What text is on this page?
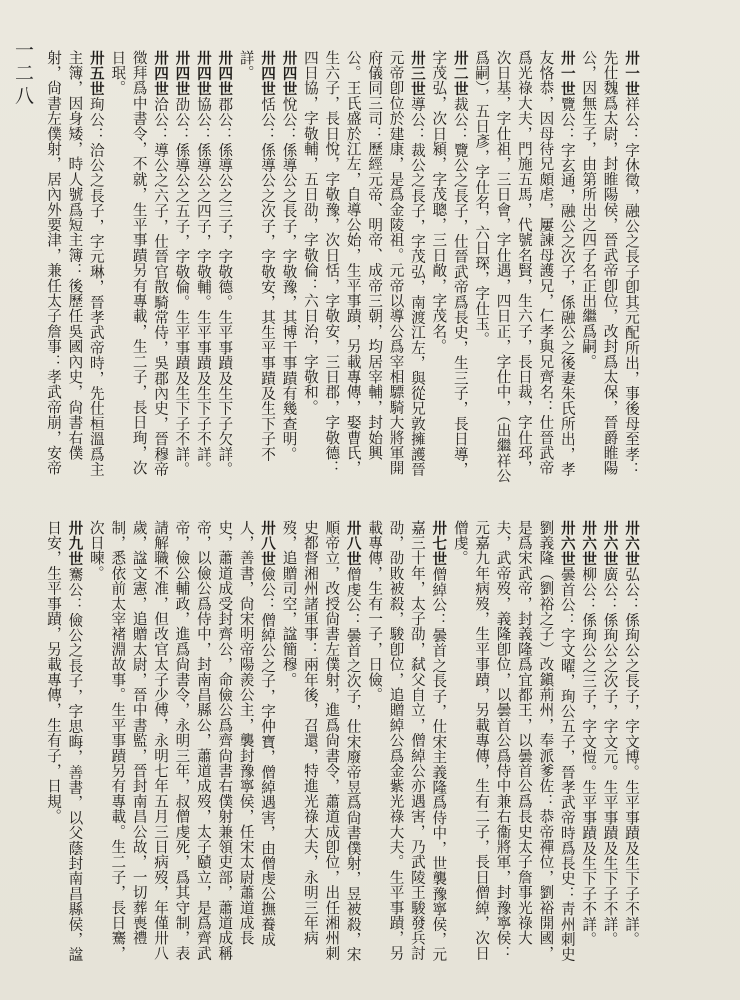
一二八	卅一世祥公：字休徵，融公之長子卽其元配所出，事後母至孝：先仕魏爲太尉，封睢陽侯，晉武帝卽位，改封爲太保，晉爵睢陽公，因無生子，由第所出之四子名正出繼爲嗣。

卅一世覽公：字玄通，融公之次子，係融公之後妻朱氏所出，孝友恪恭，因母待兄頗虐，屢諫母護兄，仁孝與兄齊名：仕晉武帝爲光祿大夫，門施五馬，代號名賢，生六子，長日裁，字仕邳，次日基，字仕祖，三日會，字仕遇，四日正，字仕中，（出繼祥公爲嗣），五日彥，字仕名，六日琛，字仕玉。

卅二世裁公：覽公之長子，仕晉武帝爲長史，生三子，長日導，字茂弘，次日潁，字茂聰，三日敞，字茂名。

卅三世導公：裁公之長子，字茂弘，南渡江左，與從兄敦擁護晉元帝卽位於建康，是爲金陵祖。元帝以導公爲宰相驃騎大將軍開府儀同三司：歷經元帝、明帝、成帝三朝，均居宰輔，封始興公。王氏盛於江左，自導公始，生平事蹟，另載專傳，娶曹氏，生六子，長日悅，字敬豫，次日恬，字敬安，三日郡，字敬德：四日協，字敬輔，五日劭，字敬倫：六日治，字敬和。

卅四世悅公：係導公之長子，字敬豫，其博干事蹟有幾查明。

卅四世恬公：係導公之次子，字敬安，其生平事蹟及生下子不詳。

卅四世郡公：係導公之三子，字敬德。生平事蹟及生下子欠詳。

卅四世協公：係導公之四子，字敬輔。生平事蹟及生下子不詳。

卅四世劭公：係導公之五子，字敬倫。生平事蹟及生下子不詳。

卅四世洽公：導公之六子，仕晉官散騎常侍，吳郡內史，晉穆帝徵拜爲中書令，不就，生平事蹟另有專載，生二子，長日珣，次日珉。

卅五世珣公：洽公之長子，字元琳，晉孝武帝時，先仕桓溫爲主主簿，因身矮，時人號爲短主簿：後歷任吳國內史，尙書右僕射，尙書左僕射，居內外要津，兼任太子詹事：孝武帝崩，安帝

卅六世弘公：係珣公之長子，字文博。生平事蹟及生下子不詳。

卅六世廣公：係珣公之次子，字文元。生平事蹟及生下子不詳。

卅六世柳公：係珣公之三子，字文愷。生平事蹟及生下子不詳。

卅六世曇首公：字文曜，珣公五子，晉孝武帝時爲長史：靑州刺史劉義隆（劉裕之子）改鎭荊州，奉派爹佐：恭帝禪位，劉裕開國，是爲宋武帝，封義隆爲宜都王，以曇首公爲長史太子詹事光祿大夫，武帝歿，義隆卽位，以曇首公爲侍中兼右衞將軍，封豫寧侯：元嘉九年病歿，生平事蹟，另載專傳，生有二子，長日僧綽，次日僧虔。

卅七世僧綽公：曇首之長子，仕宋主義隆爲侍中，世襲豫寧侯，元嘉三十年，太子劭，弑父自立，僧綽公亦遇害，乃武陵王駿發兵討劭，劭敗被殺，駿卽位，追贈綽公爲金紫光祿大夫。生平事蹟，另載專傳，生有一子，日儉。

卅八世僧虔公：曇首之次子，仕宋廢帝昱爲尙書僕射，昱被殺，宋順帝立，改授尙書左僕射，進爲尙書令，蕭道成卽位，出任湘州刺史都督湘州諸軍事：兩年後，召還，特進光祿大夫，永明三年病歿，追贈司空，諡簡穆。

卅八世儉公：僧綽公之子，字仲寶，僧綽遇害，由僧虔公撫養成人，善書，尙宋明帝陽羨公主，襲封豫寧侯，任宋太尉蕭道成長史，蕭道成受封齊公，命儉公爲齊尙書右僕射兼領吏部，蕭道成稱帝，以儉公爲侍中，封南昌縣公，蕭道成歿，太子賾立，是爲齊武帝，儉公輔政，進爲尙書令，永明三年，叔僧虔死，爲其守制，表請解職不准，但改官太子少傅，永明七年五月三日病歿，年僅卅八歲，諡文憲，追贈太尉，晉中書監，晉封南昌公故，一切葬喪禮制，悉依前太宰褚淵故事。生平事蹟另有專載。生二子，長日騫，次日暕。

卅九世騫公：儉公之長子，字思晦，善書，以父蔭封南昌縣侯，諡日安，生平事蹟，另載專傳，生有子，日規。
